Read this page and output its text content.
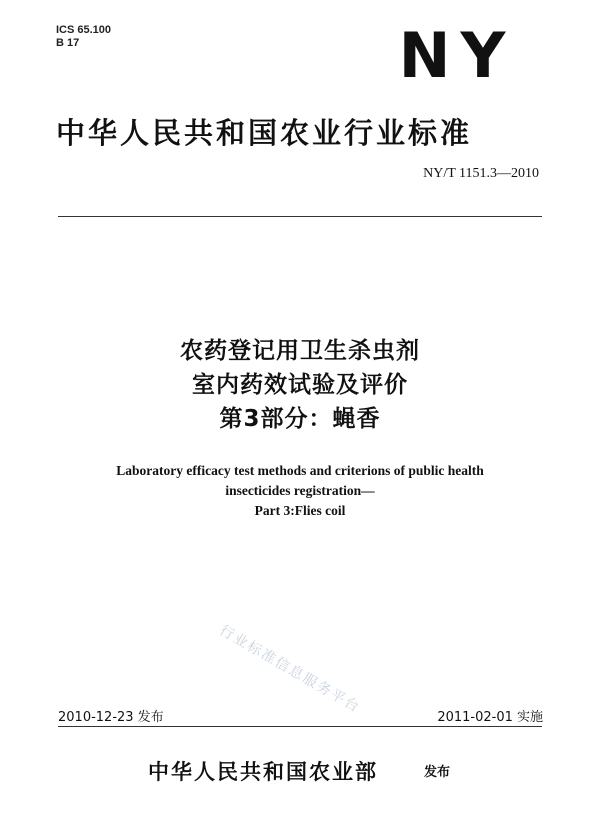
ICS 65.100
B 17	NY
中华人民共和国农业行业标准
NY/T 1151.3—2010
农药登记用卫生杀虫剂
室内药效试验及评价
第3部分：蝇香
Laboratory efficacy test methods and criterions of public health
insecticides registration—
Part 3:Flies coil
行业标准信息服务平台
2010-12-23 发布	2011-02-01 实施
中华人民共和国农业部	发布
